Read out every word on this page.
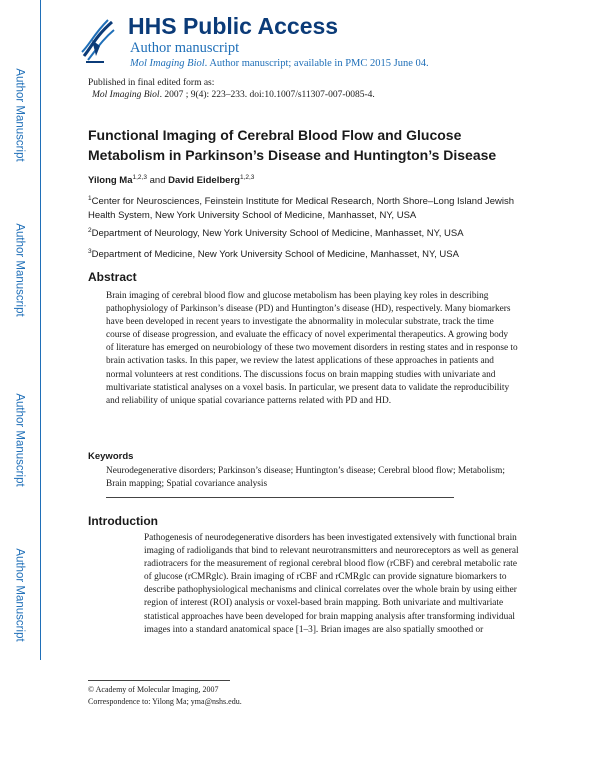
Author Manuscript
Author Manuscript
Author Manuscript
Author Manuscript
HHS Public Access
Author manuscript
Mol Imaging Biol. Author manuscript; available in PMC 2015 June 04.
Published in final edited form as:
Mol Imaging Biol. 2007 ; 9(4): 223–233. doi:10.1007/s11307-007-0085-4.
Functional Imaging of Cerebral Blood Flow and Glucose Metabolism in Parkinson’s Disease and Huntington’s Disease
Yilong Ma$^{1,2,3}$ and David Eidelberg$^{1,2,3}$
$^1$Center for Neurosciences, Feinstein Institute for Medical Research, North Shore–Long Island Jewish Health System, New York University School of Medicine, Manhasset, NY, USA
$^2$Department of Neurology, New York University School of Medicine, Manhasset, NY, USA
$^3$Department of Medicine, New York University School of Medicine, Manhasset, NY, USA
Abstract
Brain imaging of cerebral blood flow and glucose metabolism has been playing key roles in describing pathophysiology of Parkinson’s disease (PD) and Huntington’s disease (HD), respectively. Many biomarkers have been developed in recent years to investigate the abnormality in molecular substrate, track the time course of disease progression, and evaluate the efficacy of novel experimental therapeutics. A growing body of literature has emerged on neurobiology of these two movement disorders in resting states and in response to brain activation tasks. In this paper, we review the latest applications of these approaches in patients and normal volunteers at rest conditions. The discussions focus on brain mapping studies with univariate and multivariate statistical analyses on a voxel basis. In particular, we present data to validate the reproducibility and reliability of unique spatial covariance patterns related with PD and HD.
Keywords
Neurodegenerative disorders; Parkinson’s disease; Huntington’s disease; Cerebral blood flow; Metabolism; Brain mapping; Spatial covariance analysis
Introduction
Pathogenesis of neurodegenerative disorders has been investigated extensively with functional brain imaging of radioligands that bind to relevant neurotransmitters and neuroreceptors as well as general radiotracers for the measurement of regional cerebral blood flow (rCBF) and cerebral metabolic rate of glucose (rCMRglc). Brain imaging of rCBF and rCMRglc can provide signature biomarkers to describe pathophysiological mechanisms and clinical correlates over the whole brain by using either region of interest (ROI) analysis or voxel-based brain mapping. Both univariate and multivariate statistical approaches have been developed for brain mapping analysis after transforming individual images into a standard anatomical space [1–3]. Brian images are also spatially smoothed or
© Academy of Molecular Imaging, 2007
Correspondence to: Yilong Ma; yma@nshs.edu.
